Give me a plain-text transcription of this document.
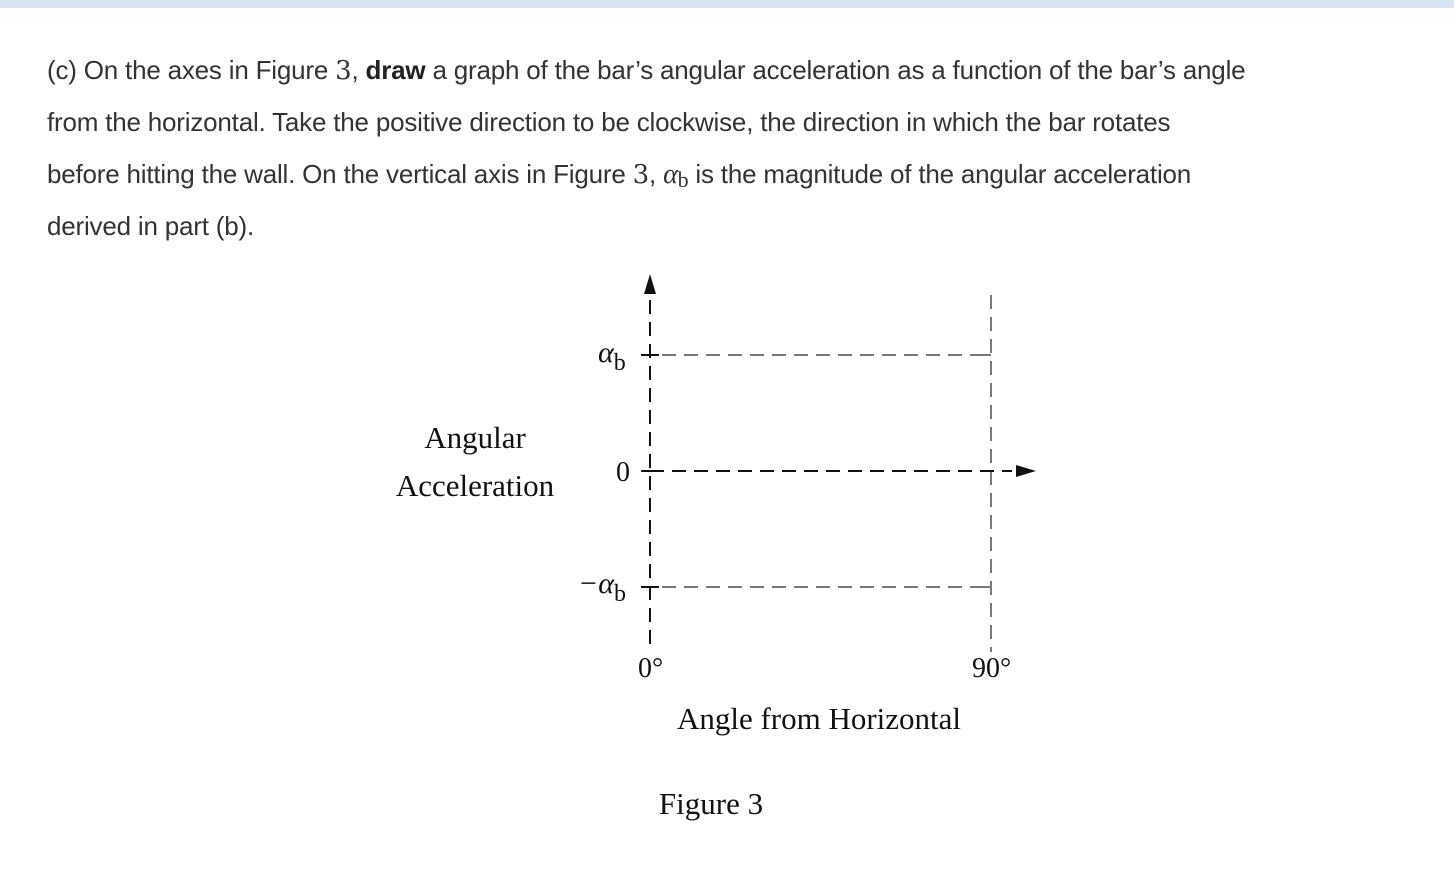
(c) On the axes in Figure 3, draw a graph of the bar’s angular acceleration as a function of the bar’s angle
from the horizontal. Take the positive direction to be clockwise, the direction in which the bar rotates
before hitting the wall. On the vertical axis in Figure 3, αb is the magnitude of the angular acceleration
derived in part (b).
$\alpha_b$
0
$-\alpha_b$
0°	90°
Angular
Acceleration
Angle from Horizontal
Figure 3
